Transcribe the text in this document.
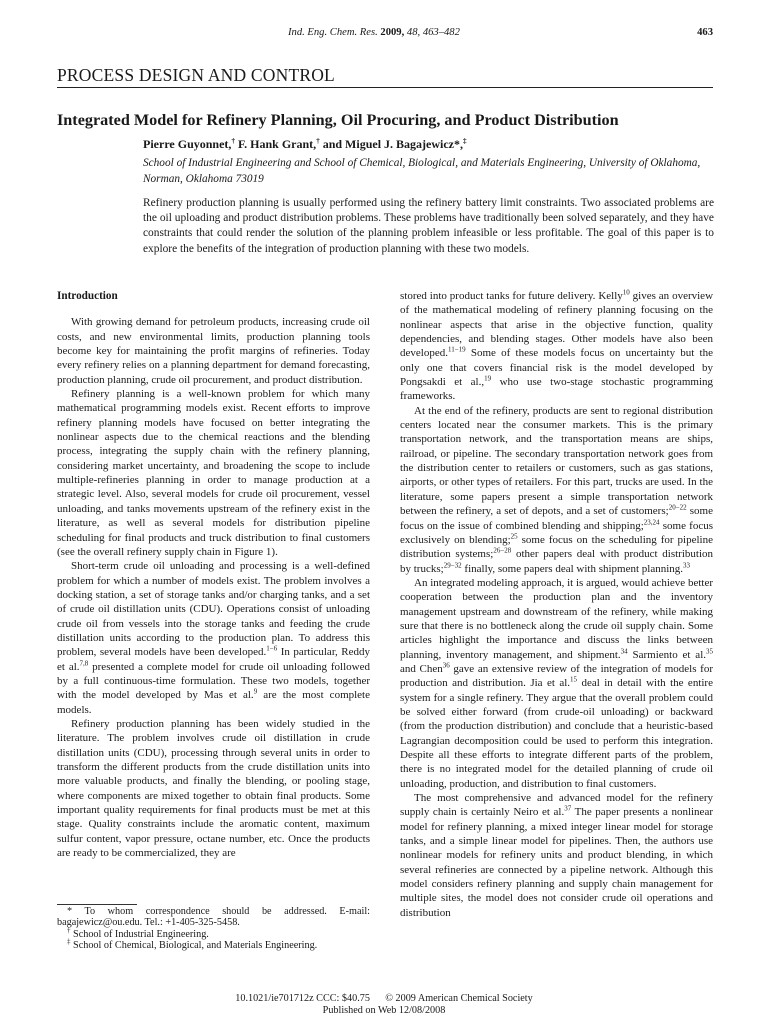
Ind. Eng. Chem. Res. 2009, 48, 463–482	463
PROCESS DESIGN AND CONTROL
Integrated Model for Refinery Planning, Oil Procuring, and Product Distribution
Pierre Guyonnet,† F. Hank Grant,† and Miguel J. Bagajewicz*,‡
School of Industrial Engineering and School of Chemical, Biological, and Materials Engineering, University of Oklahoma, Norman, Oklahoma 73019
Refinery production planning is usually performed using the refinery battery limit constraints. Two associated problems are the oil uploading and product distribution problems. These problems have traditionally been solved separately, and they have constraints that could render the solution of the planning problem infeasible or less profitable. The goal of this paper is to explore the benefits of the integration of production planning with these two models.

Introduction

With growing demand for petroleum products, increasing crude oil costs, and new environmental limits, production planning tools become key for maintaining the profit margins of refineries. Today every refinery relies on a planning department for demand forecasting, production planning, crude oil procurement, and product distribution.

Refinery planning is a well-known problem for which many mathematical programming models exist. Recent efforts to improve refinery planning models have focused on better integrating the nonlinear aspects due to the chemical reactions and the blending process, integrating the supply chain with the refinery planning, considering market uncertainty, and broadening the scope to include multiple-refineries planning in order to manage production at a strategic level. Also, several models for crude oil procurement, vessel unloading, and tanks movements upstream of the refinery exist in the literature, as well as several models for distribution pipeline scheduling for final products and truck distribution to final customers (see the overall refinery supply chain in Figure 1).

Short-term crude oil unloading and processing is a well-defined problem for which a number of models exist. The problem involves a docking station, a set of storage tanks and/or charging tanks, and a set of crude oil distillation units (CDU). Operations consist of unloading crude oil from vessels into the storage tanks and feeding the crude distillation units according to the production plan. To address this problem, several models have been developed.$^{1-6}$ In particular, Reddy et al.$^{7,8}$ presented a complete model for crude oil unloading followed by a full continuous-time formulation. These two models, together with the model developed by Mas et al.$^9$ are the most complete models.

Refinery production planning has been widely studied in the literature. The problem involves crude oil distillation in crude distillation units (CDU), processing through several units in order to transform the different products from the crude distillation units into more valuable products, and finally the blending, or pooling stage, where components are mixed together to obtain final products. Some important quality requirements for final products must be met at this stage. Quality constraints include the aromatic content, maximum sulfur content, vapor pressure, octane number, etc. Once the products are ready to be commercialized, they are

* To whom correspondence should be addressed. E-mail: bagajewicz@ou.edu. Tel.: +1-405-325-5458.
† School of Industrial Engineering.
‡ School of Chemical, Biological, and Materials Engineering.

stored into product tanks for future delivery. Kelly$^{10}$ gives an overview of the mathematical modeling of refinery planning focusing on the nonlinear aspects that arise in the objective function, quality dependencies, and blending stages. Other models have also been developed.$^{11-19}$ Some of these models focus on uncertainty but the only one that covers financial risk is the model developed by Pongsakdi et al.,$^{19}$ who use two-stage stochastic programming frameworks.

At the end of the refinery, products are sent to regional distribution centers located near the consumer markets. This is the primary transportation network, and the transportation means are ships, railroad, or pipeline. The secondary transportation network goes from the distribution center to retailers or customers, such as gas stations, airports, or other types of retailers. For this part, trucks are used. In the literature, some papers present a simple transportation network between the refinery, a set of depots, and a set of customers;$^{20-22}$ some focus on the issue of combined blending and shipping;$^{23,24}$ some focus exclusively on blending;$^{25}$ some focus on the scheduling for pipeline distribution systems;$^{26-28}$ other papers deal with product distribution by trucks;$^{29-32}$ finally, some papers deal with shipment planning.$^{33}$

An integrated modeling approach, it is argued, would achieve better cooperation between the production plan and the inventory management upstream and downstream of the refinery, while making sure that there is no bottleneck along the crude oil supply chain. Some articles highlight the importance and discuss the links between planning, inventory management, and shipment.$^{34}$ Sarmiento et al.$^{35}$ and Chen$^{36}$ gave an extensive review of the integration of models for production and distribution. Jia et al.$^{15}$ deal in detail with the entire system for a single refinery. They argue that the overall problem could be solved either forward (from crude-oil unloading) or backward (from the production distribution) and conclude that a heuristic-based Lagrangian decomposition could be used to perform this integration. Despite all these efforts to integrate different parts of the problem, there is no integrated model for the detailed planning of crude oil unloading, production, and distribution to final customers.

The most comprehensive and advanced model for the refinery supply chain is certainly Neiro et al.$^{37}$ The paper presents a nonlinear model for refinery planning, a mixed integer linear model for storage tanks, and a simple linear model for pipelines. Then, the authors use nonlinear models for refinery units and product blending, in which several refineries are connected by a pipeline network. Although this model considers refinery planning and supply chain management for multiple sites, the model does not consider crude oil operations and distribution

10.1021/ie701712z CCC: $40.75 © 2009 American Chemical Society
Published on Web 12/08/2008
